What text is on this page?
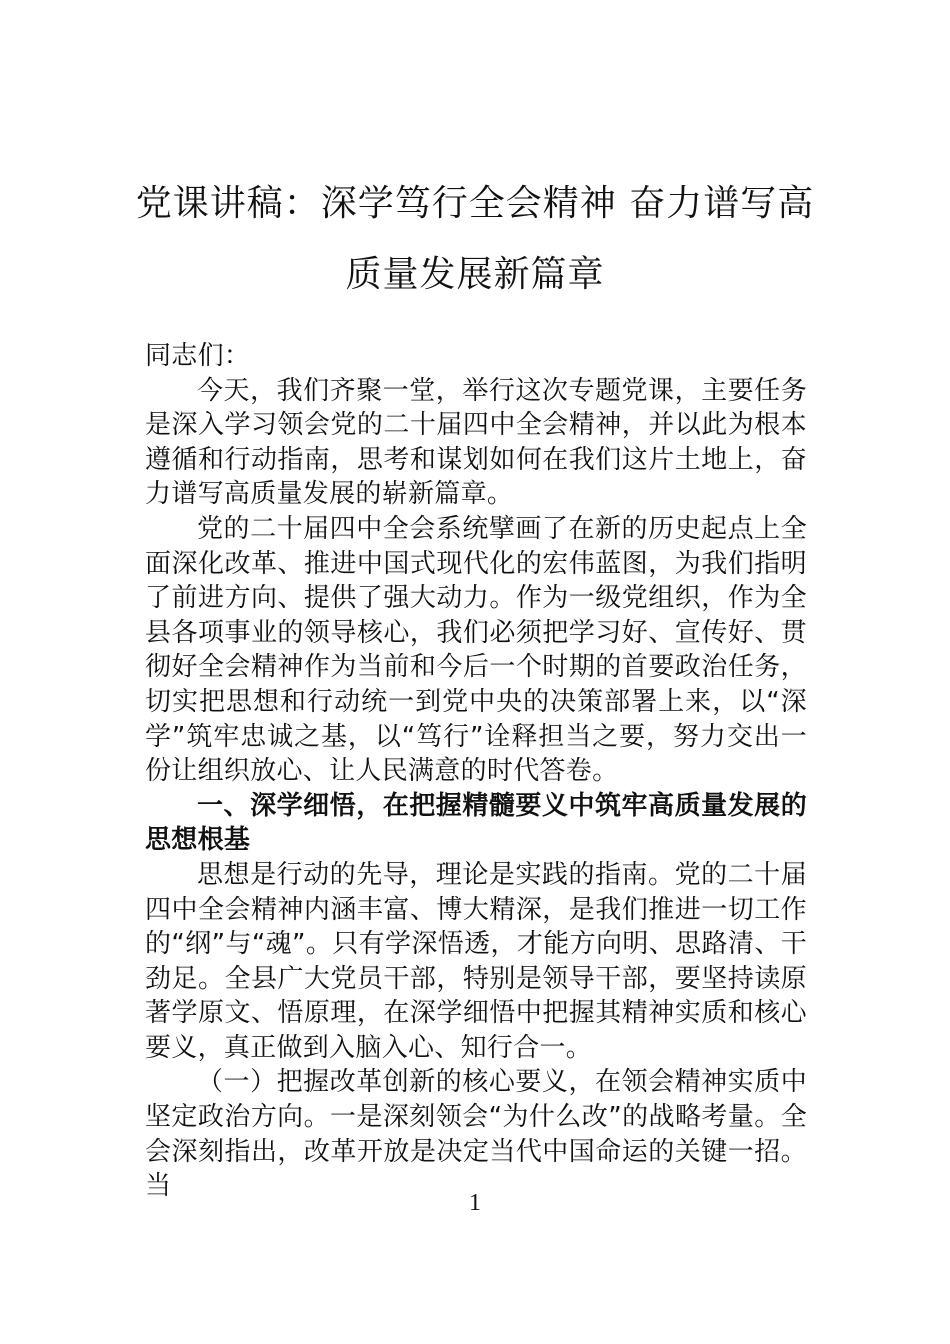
党课讲稿：深学笃行全会精神 奋力谱写高
质量发展新篇章

同志们：

今天，我们齐聚一堂，举行这次专题党课，主要任务是深入学习领会党的二十届四中全会精神，并以此为根本遵循和行动指南，思考和谋划如何在我们这片土地上，奋力谱写高质量发展的崭新篇章。

党的二十届四中全会系统擘画了在新的历史起点上全面深化改革、推进中国式现代化的宏伟蓝图，为我们指明了前进方向、提供了强大动力。作为一级党组织，作为全县各项事业的领导核心，我们必须把学习好、宣传好、贯彻好全会精神作为当前和今后一个时期的首要政治任务，切实把思想和行动统一到党中央的决策部署上来，以“深学”筑牢忠诚之基，以“笃行”诠释担当之要，努力交出一份让组织放心、让人民满意的时代答卷。

一、深学细悟，在把握精髓要义中筑牢高质量发展的思想根基

思想是行动的先导，理论是实践的指南。党的二十届四中全会精神内涵丰富、博大精深，是我们推进一切工作的“纲”与“魂”。只有学深悟透，才能方向明、思路清、干劲足。全县广大党员干部，特别是领导干部，要坚持读原著学原文、悟原理，在深学细悟中把握其精神实质和核心要义，真正做到入脑入心、知行合一。

（一）把握改革创新的核心要义，在领会精神实质中坚定政治方向。一是深刻领会“为什么改”的战略考量。全会深刻指出，改革开放是决定当代中国命运的关键一招。当

1
